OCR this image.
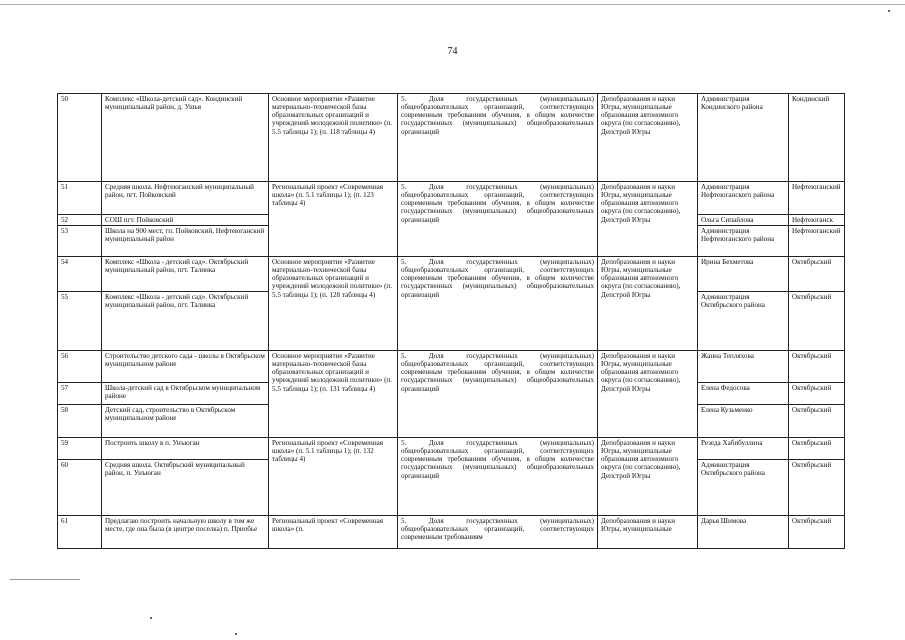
74
50	Комплекс «Школа-детский сад». Кондинский муниципальный район, д. Ушья	Основное мероприятие «Развитие материально-технической базы образовательных организаций и учреждений молодежной политики» (п. 5.5 таблицы 1); (п. 118 таблицы 4)	5. Доля государственных (муниципальных) общеобразовательных организаций, соответствующих современным требованиям обучения, в общем количестве государственных (муниципальных) общеобразовательных организаций	Депобразования и науки Югры, муниципальные образования автономного округа (по согласованию), Депстрой Югры	Администрация Кондинского района	Кондинский
51	Средняя школа. Нефтеюганский муниципальный район, пгт. Пойковский	Региональный проект «Современная школа» (п. 5.1 таблицы 1); (п. 123 таблицы 4)	5. Доля государственных (муниципальных) общеобразовательных организаций, соответствующих современным требованиям обучения, в общем количестве государственных (муниципальных) общеобразовательных организаций	Депобразования и науки Югры, муниципальные образования автономного округа (по согласованию), Депстрой Югры	Администрация Нефтеюганского района	Нефтеюганский
52	СОШ пгт. Пойковский				Ольга Сипайлова	Нефтеюганск
53	Школа на 900 мест, гп. Пойковский, Нефтеюганский муниципальный район				Администрация Нефтеюганского района	Нефтеюганский
54	Комплекс «Школа - детский сад». Октябрьский муниципальный район, пгт. Талинка	Основное мероприятие «Развитие материально-технической базы образовательных организаций и учреждений молодежной политики» (п. 5.5 таблицы 1); (п. 128 таблицы 4)	5. Доля государственных (муниципальных) общеобразовательных организаций, соответствующих современным требованиям обучения, в общем количестве государственных (муниципальных) общеобразовательных организаций	Депобразования и науки Югры, муниципальные образования автономного округа (по согласованию), Депстрой Югры	Ирина Бехметова	Октябрьский
55	Комплекс «Школа - детский сад». Октябрьский муниципальный район, пгт. Талинка				Администрация Октябрьского района	Октябрьский
56	Строительство детского сада - школы в Октябрьском муниципальном районе	Основное мероприятие «Развитие материально-технической базы образовательных организаций и учреждений молодежной политики» (п. 5.5 таблицы 1); (п. 131 таблицы 4)	5. Доля государственных (муниципальных) общеобразовательных организаций, соответствующих современным требованиям обучения, в общем количестве государственных (муниципальных) общеобразовательных организаций	Депобразования и науки Югры, муниципальные образования автономного округа (по согласованию), Депстрой Югры	Жанна Тепляхова	Октябрьский
57	Школа-детский сад в Октябрьском муниципальном районе				Елена Федосова	Октябрьский
58	Детский сад, строительство в Октябрьском муниципальном районе				Елена Кузьменко	Октябрьский
59	Построить школу в п. Унъюган	Региональный проект «Современная школа» (п. 5.1 таблицы 1); (п. 132 таблицы 4)	5. Доля государственных (муниципальных) общеобразовательных организаций, соответствующих современным требованиям обучения, в общем количестве государственных (муниципальных) общеобразовательных организаций	Депобразования и науки Югры, муниципальные образования автономного округа (по согласованию), Депстрой Югры	Резеда Хабибуллина	Октябрьский
60	Средняя школа. Октябрьский муниципальный район, п. Унъюган				Администрация Октябрьского района	Октябрьский
61	Предлагаю построить начальную школу в том же месте, где она была (в центре поселка) п. Приобье	Региональный проект «Современная школа» (п.	5. Доля государственных (муниципальных) общеобразовательных организаций, соответствующих современным требованиям	Депобразования и науки Югры, муниципальные	Дарья Шимова	Октябрьский
